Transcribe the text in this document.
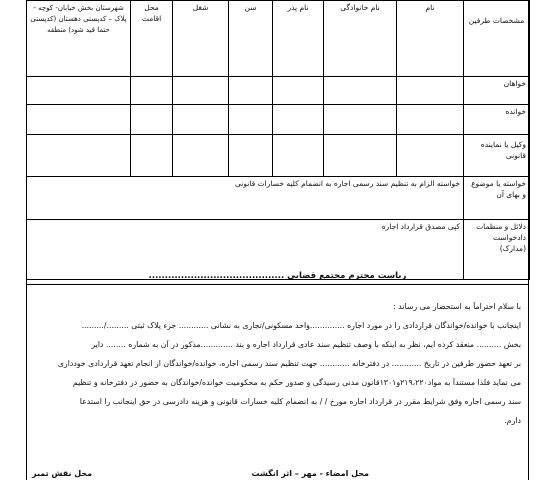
مشخصات طرفین	نام	نام خانوادگی	نام پدر	سن	شغل	محل اقامت	شهرستان بخش خیابان- کوچه - پلاک – کدپستی دهستان (کدپستی حتما قید شود) منطقه
خواهان							
خوانده							
وکیل یا نماینده قانونی							
خواسته یا موضوع و بهای آن	خواسته الزام به تنظیم سند رسمی اجاره به انضمام کلیه خسارات قانونی						
دلائل و منظمات دادخواست (مدارک)	کپی مصدق قرارداد اجاره						
ریاست محترم مجتمع قضایی ..........................................
با سلام احتراماً به استحضار می رساند :
اینجانب با خوانده/خواندگان قراردادی را در مورد اجاره ..............واحد مسکونی/تجاری به نشانی ............ جزء پلاک ثبتی ........./.........
بخش .......... منعقد کرده ایم، نظر به اینکه با وصف تنظیم سند عادی قرارداد اجاره و بند .............مذکور در آن به شماره ........ دایر
بر تعهد حضور طرفین در تاریخ ............ در دفترخانه ............ جهت تنظیم سند رسمی اجاره، خوانده/خواندگان از انجام تعهد قراردادی خودداری
می نماید فلذا مستنداً به مواد۲۱۹،۲۲۰و۱۳۰۱قانون مدنی رسیدگی و صدور حکم به محکومیت خوانده/خواندگان به حضور در دفترخانه و تنظیم
سند رسمی اجاره وفق شرایط مقرر در قرارداد اجاره مورخ / / به انضمام کلیه خسارات قانونی و هزینه دادرسی در حق اینجانب را استدعا
دارم.
محل امضاء - مهر – اثر انگشت
محل نقش تمبر
